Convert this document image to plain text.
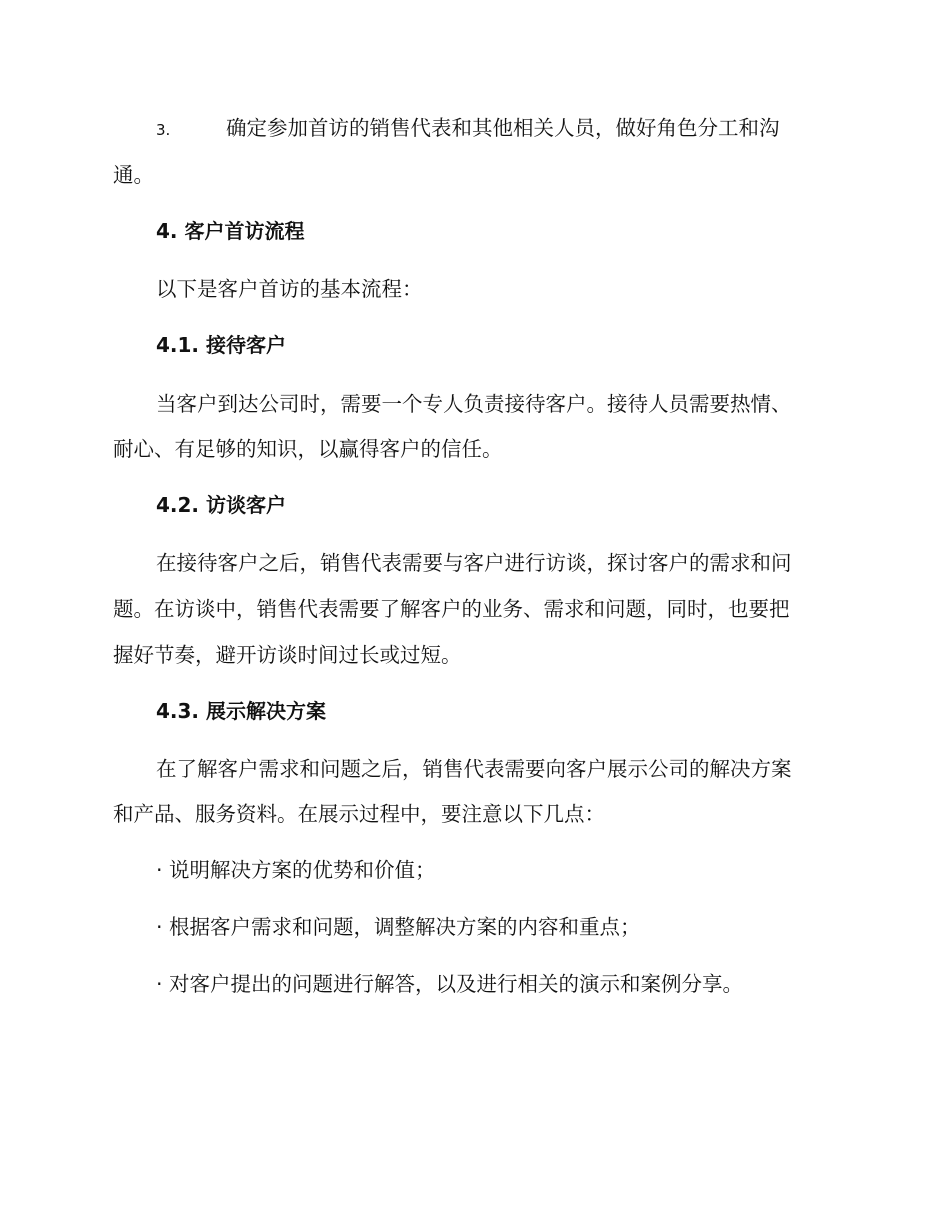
3.	确定参加首访的销售代表和其他相关人员，做好角色分工和沟
通。
4. 客户首访流程
以下是客户首访的基本流程：
4.1. 接待客户
当客户到达公司时，需要一个专人负责接待客户。接待人员需要热情、
耐心、有足够的知识，以赢得客户的信任。
4.2. 访谈客户
在接待客户之后，销售代表需要与客户进行访谈，探讨客户的需求和问
题。在访谈中，销售代表需要了解客户的业务、需求和问题，同时，也要把
握好节奏，避开访谈时间过长或过短。
4.3. 展示解决方案
在了解客户需求和问题之后，销售代表需要向客户展示公司的解决方案
和产品、服务资料。在展示过程中，要注意以下几点：
· 说明解决方案的优势和价值；
· 根据客户需求和问题，调整解决方案的内容和重点；
· 对客户提出的问题进行解答，以及进行相关的演示和案例分享。
